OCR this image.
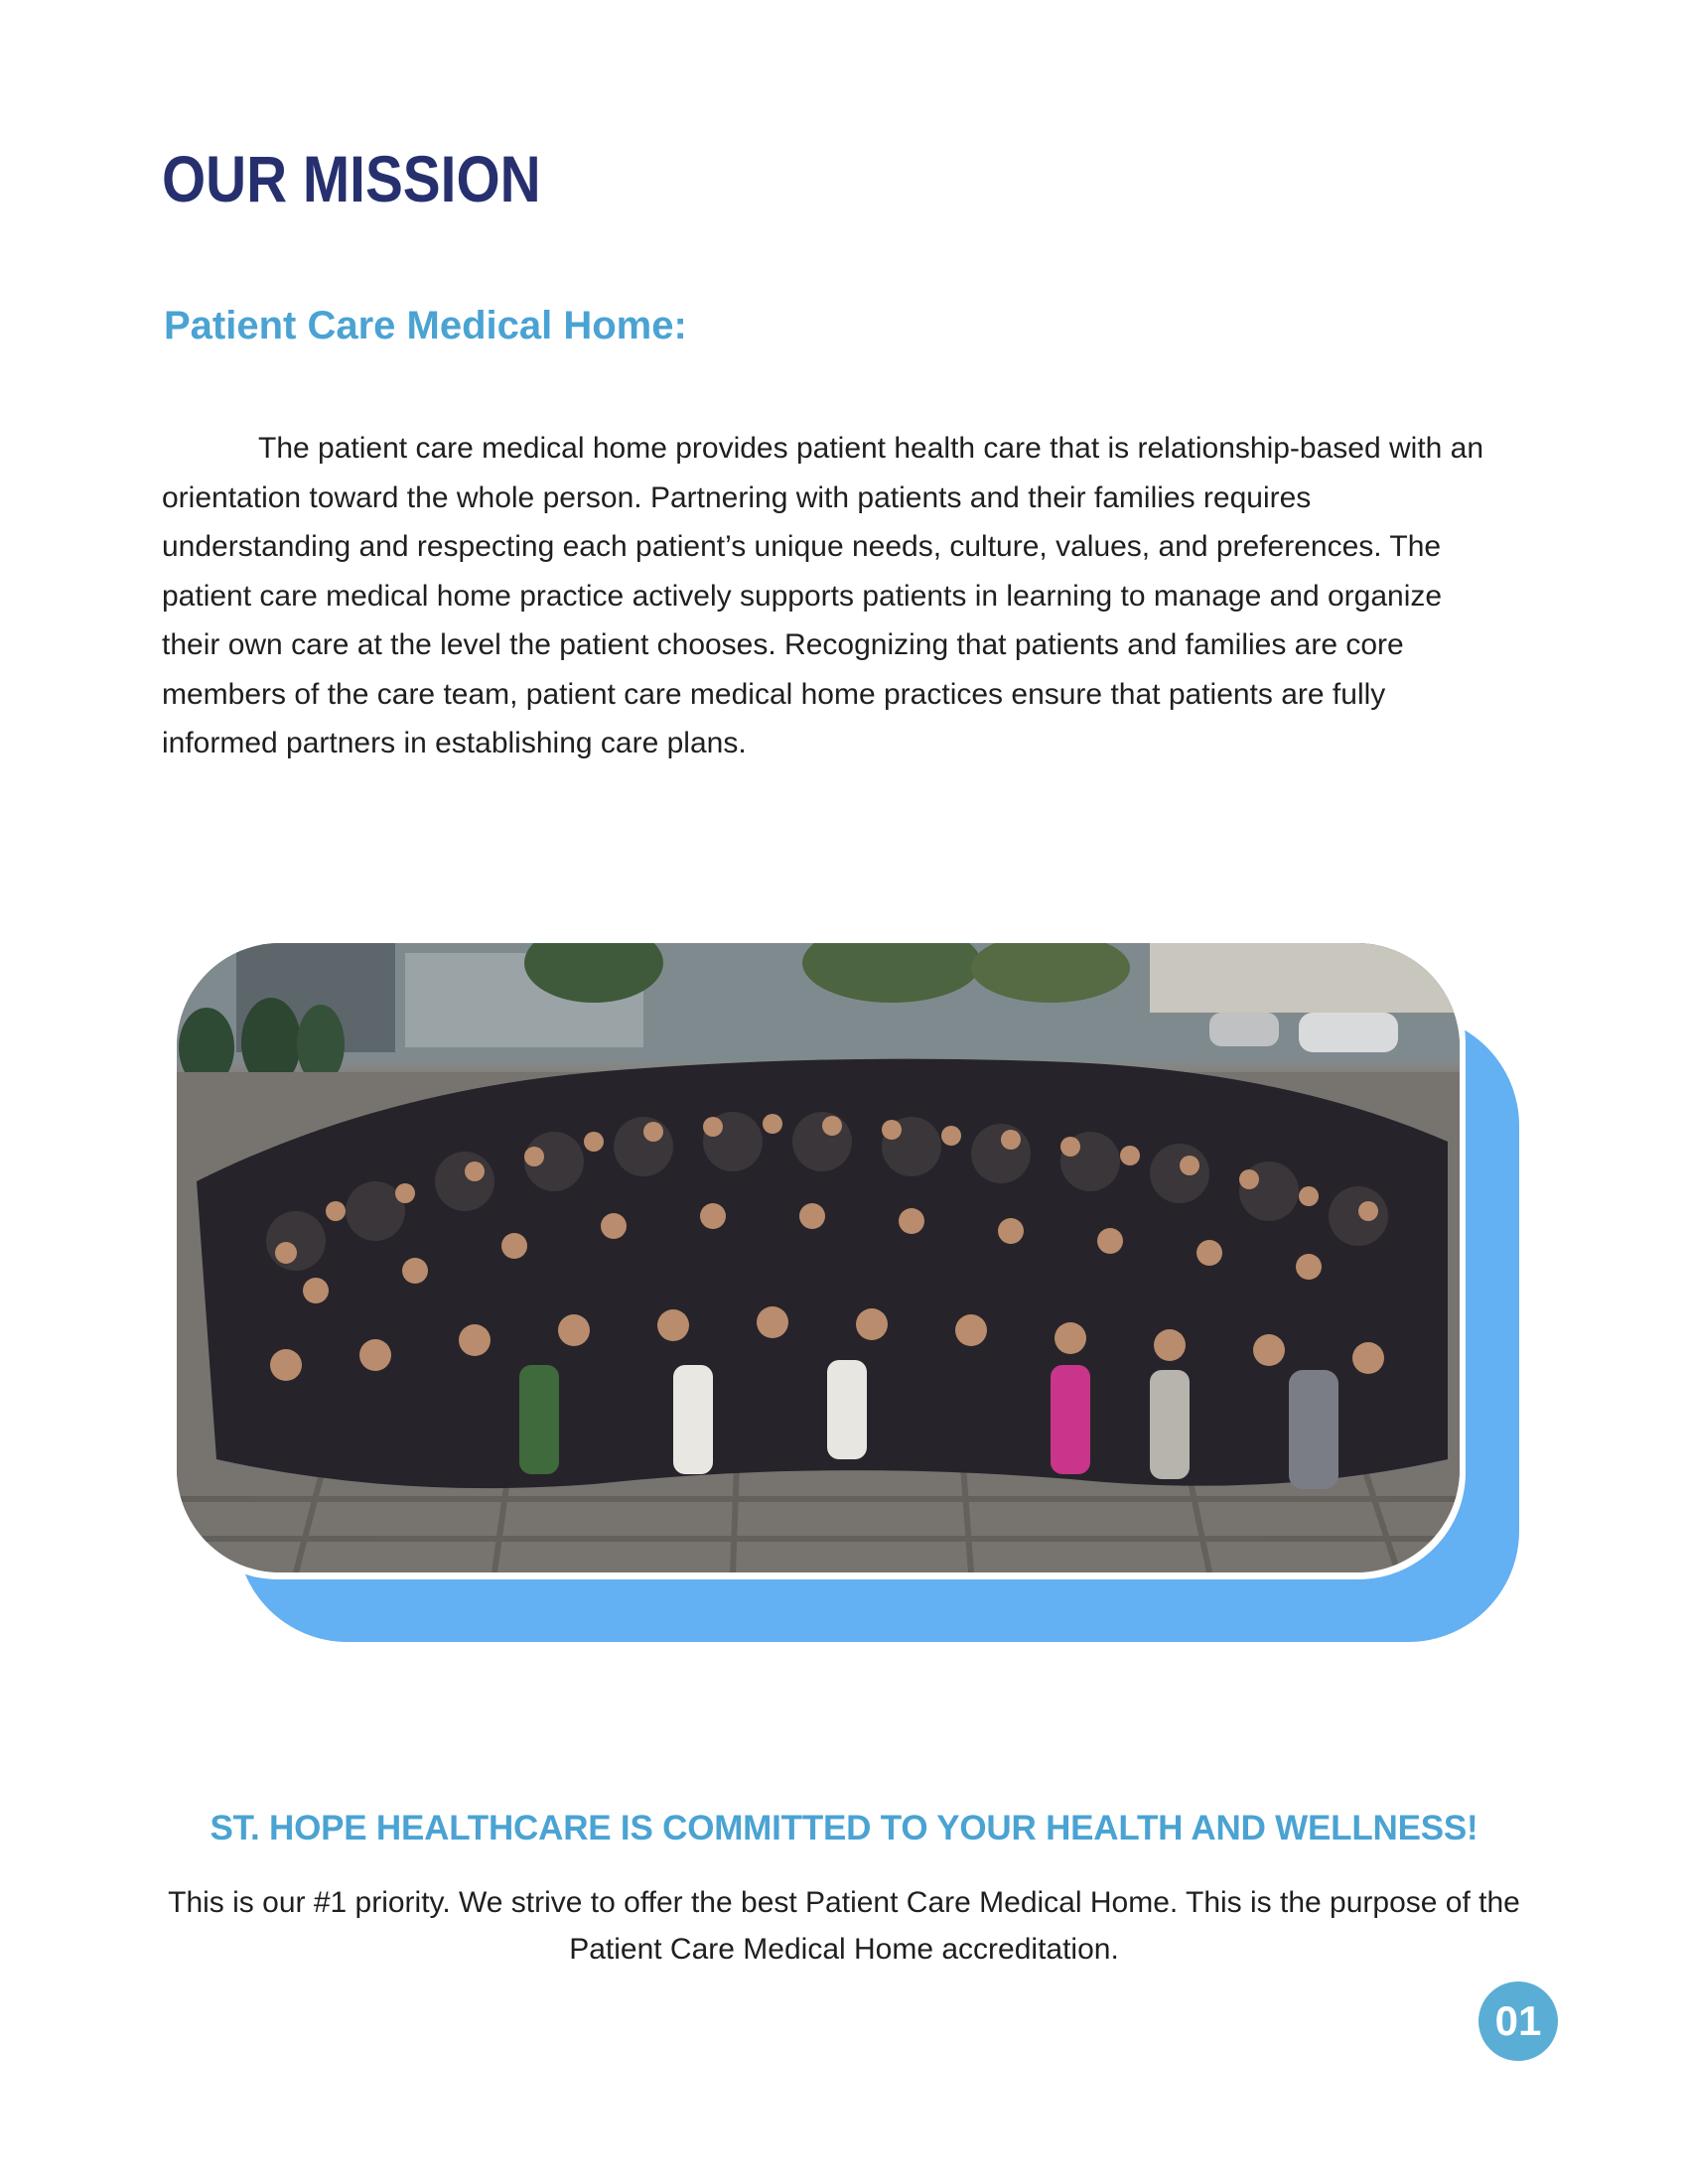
OUR MISSION
Patient Care Medical Home:

The patient care medical home provides patient health care that is relationship-based with an orientation toward the whole person. Partnering with patients and their families requires understanding and respecting each patient’s unique needs, culture, values, and preferences. The patient care medical home practice actively supports patients in learning to manage and organize their own care at the level the patient chooses. Recognizing that patients and families are core members of the care team, patient care medical home practices ensure that patients are fully informed partners in establishing care plans.

ST. HOPE HEALTHCARE IS COMMITTED TO YOUR HEALTH AND WELLNESS!

This is our #1 priority. We strive to offer the best Patient Care Medical Home. This is the purpose of the Patient Care Medical Home accreditation.

01
